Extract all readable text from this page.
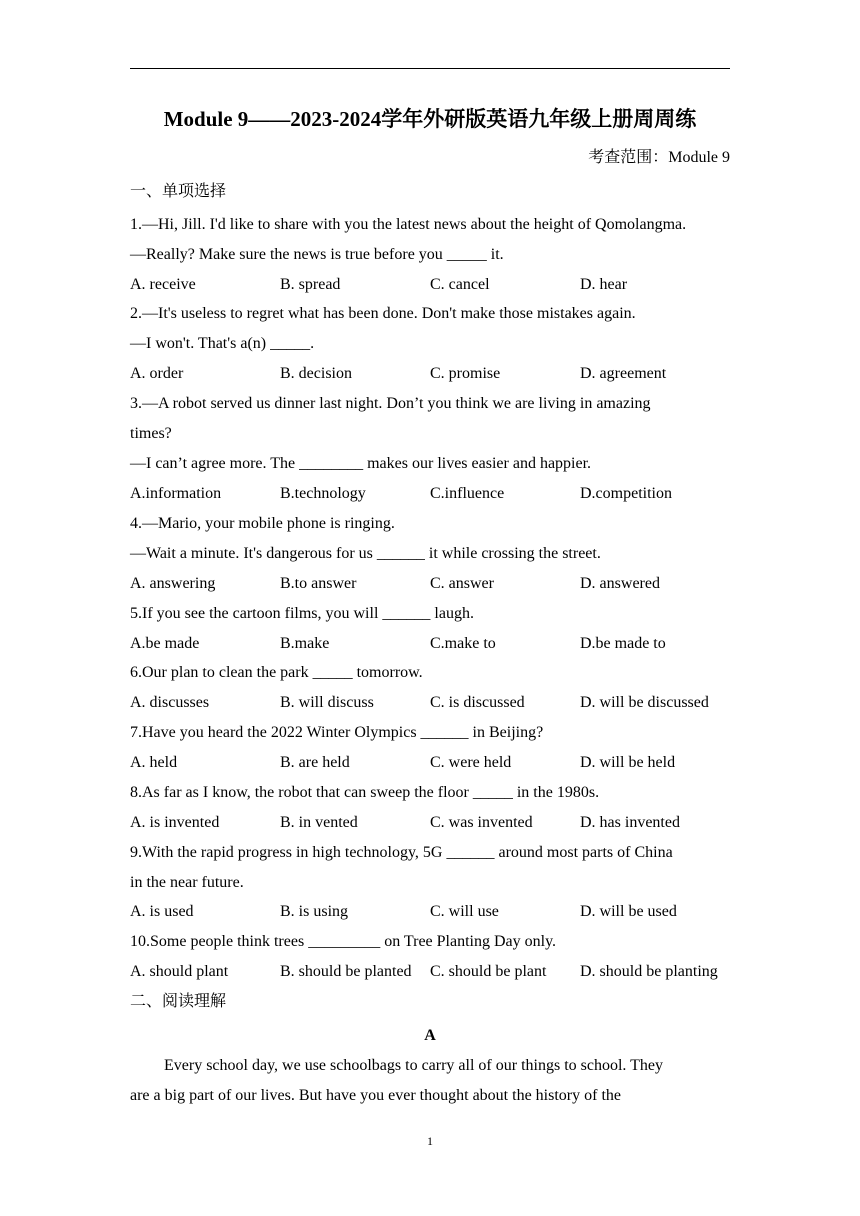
Module 9——2023-2024学年外研版英语九年级上册周周练
考查范围：Module 9
一、单项选择
1.—Hi, Jill. I'd like to share with you the latest news about the height of Qomolangma.
—Really? Make sure the news is true before you _____ it.
A. receive	B. spread	C. cancel	D. hear
2.—It's useless to regret what has been done. Don't make those mistakes again.
—I won't. That's a(n) _____.
A. order	B. decision	C. promise	D. agreement
3.—A robot served us dinner last night. Don’t you think we are living in amazing
times?
—I can’t agree more. The ________ makes our lives easier and happier.
A.information	B.technology	C.influence	D.competition
4.—Mario, your mobile phone is ringing.
—Wait a minute. It's dangerous for us ______ it while crossing the street.
A. answering	B.to answer	C. answer	D. answered
5.If you see the cartoon films, you will ______ laugh.
A.be made	B.make	C.make to	D.be made to
6.Our plan to clean the park _____ tomorrow.
A. discusses	B. will discuss	C. is discussed	D. will be discussed
7.Have you heard the 2022 Winter Olympics ______ in Beijing?
A. held	B. are held	C. were held	D. will be held
8.As far as I know, the robot that can sweep the floor _____ in the 1980s.
A. is invented	B. in vented	C. was invented	D. has invented
9.With the rapid progress in high technology, 5G ______ around most parts of China
in the near future.
A. is used	B. is using	C. will use	D. will be used
10.Some people think trees _________ on Tree Planting Day only.
A. should plant	B. should be planted C. should be plant D. should be planting
二、阅读理解
A
Every school day, we use schoolbags to carry all of our things to school. They
are a big part of our lives. But have you ever thought about the history of the
1
